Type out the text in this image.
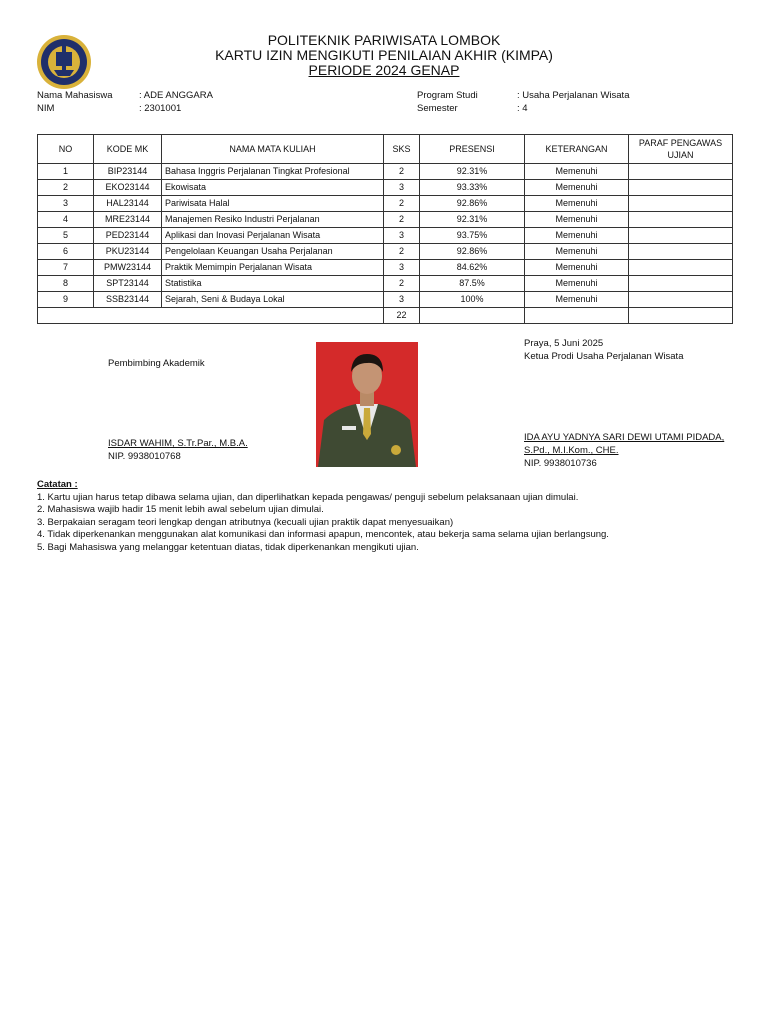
POLITEKNIK PARIWISATA LOMBOK
KARTU IZIN MENGIKUTI PENILAIAN AKHIR (KIMPA)
PERIODE 2024 GENAP
Nama Mahasiswa	: ADE ANGGARA
NIM	: 2301001
Program Studi	: Usaha Perjalanan Wisata
Semester	: 4
NO	KODE MK	NAMA MATA KULIAH	SKS	PRESENSI	KETERANGAN	PARAF PENGAWAS UJIAN
1	BIP23144	Bahasa Inggris Perjalanan Tingkat Profesional	2	92.31%	Memenuhi	
2	EKO23144	Ekowisata	3	93.33%	Memenuhi	
3	HAL23144	Pariwisata Halal	2	92.86%	Memenuhi	
4	MRE23144	Manajemen Resiko Industri Perjalanan	2	92.31%	Memenuhi	
5	PED23144	Aplikasi dan Inovasi Perjalanan Wisata	3	93.75%	Memenuhi	
6	PKU23144	Pengelolaan Keuangan Usaha Perjalanan	2	92.86%	Memenuhi	
7	PMW23144	Praktik Memimpin Perjalanan Wisata	3	84.62%	Memenuhi	
8	SPT23144	Statistika	2	87.5%	Memenuhi	
9	SSB23144	Sejarah, Seni & Budaya Lokal	3	100%	Memenuhi	
			22			
Pembimbing Akademik
ISDAR WAHIM, S.Tr.Par., M.B.A.
NIP. 9938010768
Praya, 5 Juni 2025
Ketua Prodi Usaha Perjalanan Wisata
IDA AYU YADNYA SARI DEWI UTAMI PIDADA,
S.Pd., M.I.Kom., CHE.
NIP. 9938010736
Catatan :
1. Kartu ujian harus tetap dibawa selama ujian, dan diperlihatkan kepada pengawas/ penguji sebelum pelaksanaan ujian dimulai.
2. Mahasiswa wajib hadir 15 menit lebih awal sebelum ujian dimulai.
3. Berpakaian seragam teori lengkap dengan atributnya (kecuali ujian praktik dapat menyesuaikan)
4. Tidak diperkenankan menggunakan alat komunikasi dan informasi apapun, mencontek, atau bekerja sama selama ujian berlangsung.
5. Bagi Mahasiswa yang melanggar ketentuan diatas, tidak diperkenankan mengikuti ujian.
